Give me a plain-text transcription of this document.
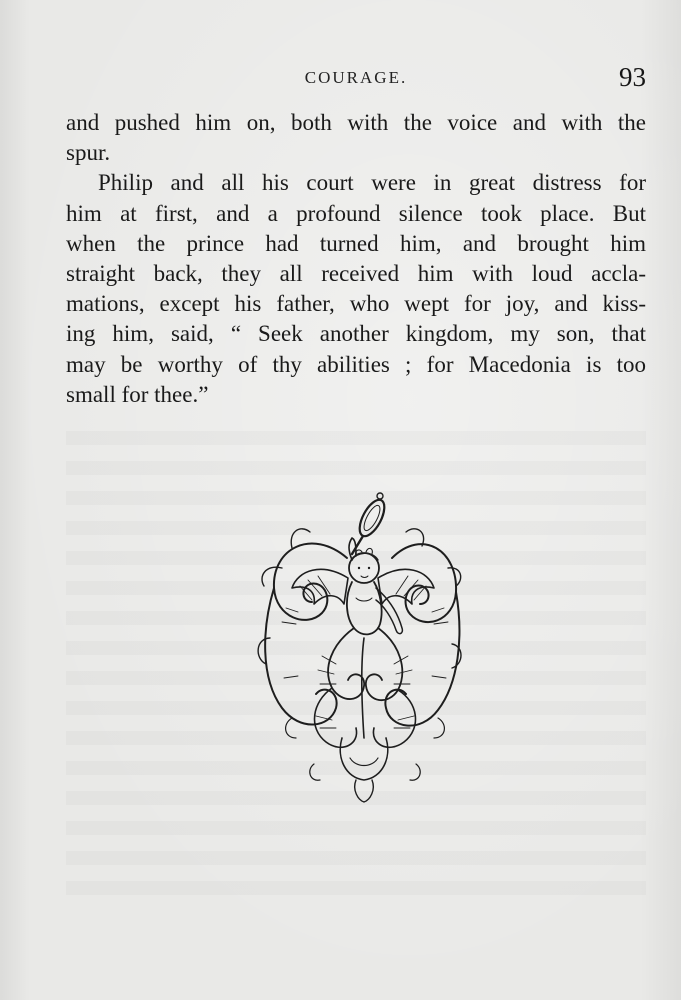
COURAGE.	93
and pushed him on, both with the voice and with the
spur.
Philip and all his court were in great distress for
him at first, and a profound silence took place. But
when the prince had turned him, and brought him
straight back, they all received him with loud accla-
mations, except his father, who wept for joy, and kiss-
ing him, said, “ Seek another kingdom, my son, that
may be worthy of thy abilities ; for Macedonia is too
small for thee.”
